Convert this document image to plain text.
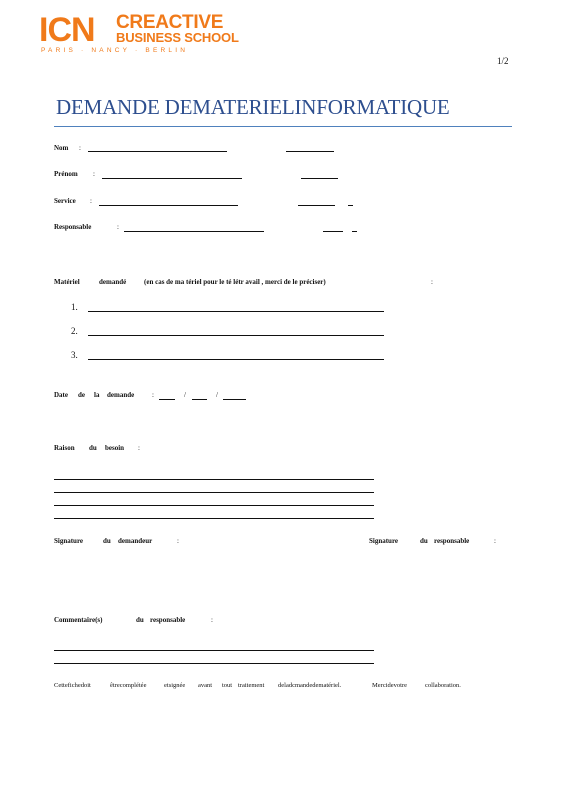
ICN CREACTIVE
BUSINESS SCHOOL
PARIS · NANCY · BERLIN
1/2
DEMANDE DEMATERIELINFORMATIQUE
Nom :
Prénom :
Service :
Responsable	:
Matériel	demandé	(en cas de ma tériel pour le té létr avail , merci de le préciser)	:
1.
2.
3.
Date de la demande	:	/	/
Raison du besoin :
Signature	du demandeur	:	Signature	du responsable	:
Commentaire(s)	du responsable	:
Cettefichedoit	êtrecomplétée	etsignée avant tout traitement deladcmandedematériel.	Mercidevotre	collaboration.
